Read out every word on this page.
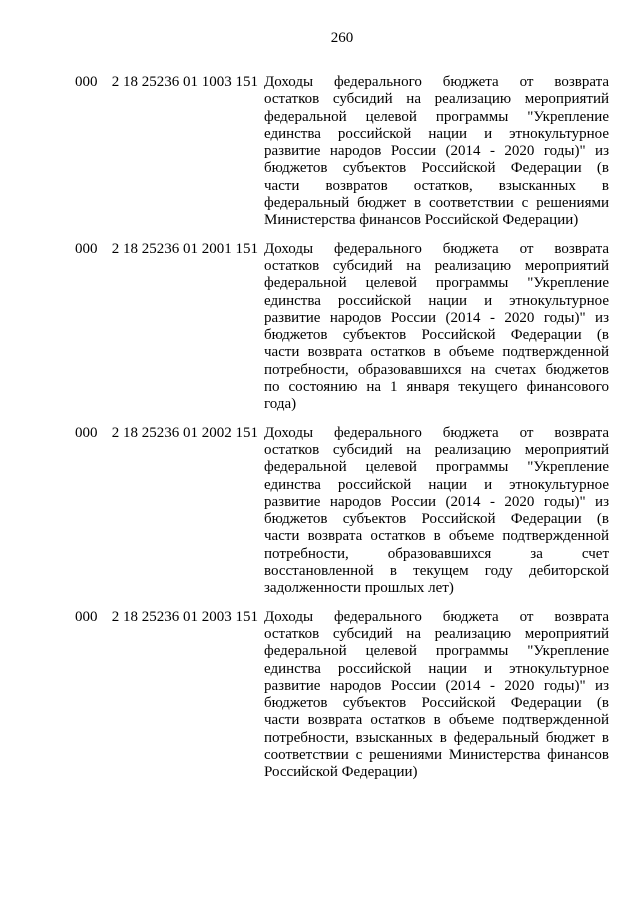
260
000 2 18 25236 01 1003 151 Доходы федерального бюджета от возврата
остатков субсидий на реализацию мероприятий
федеральной целевой программы "Укрепление
единства российской нации и этнокультурное
развитие народов России (2014 - 2020 годы)" из
бюджетов субъектов Российской Федерации (в
части возвратов остатков, взысканных в
федеральный бюджет в соответствии с решениями
Министерства финансов Российской Федерации)
000 2 18 25236 01 2001 151 Доходы федерального бюджета от возврата
остатков субсидий на реализацию мероприятий
федеральной целевой программы "Укрепление
единства российской нации и этнокультурное
развитие народов России (2014 - 2020 годы)" из
бюджетов субъектов Российской Федерации (в
части возврата остатков в объеме подтвержденной
потребности, образовавшихся на счетах бюджетов
по состоянию на 1 января текущего финансового
года)
000 2 18 25236 01 2002 151 Доходы федерального бюджета от возврата
остатков субсидий на реализацию мероприятий
федеральной целевой программы "Укрепление
единства российской нации и этнокультурное
развитие народов России (2014 - 2020 годы)" из
бюджетов субъектов Российской Федерации (в
части возврата остатков в объеме подтвержденной
потребности, образовавшихся за счет
восстановленной в текущем году дебиторской
задолженности прошлых лет)
000 2 18 25236 01 2003 151 Доходы федерального бюджета от возврата
остатков субсидий на реализацию мероприятий
федеральной целевой программы "Укрепление
единства российской нации и этнокультурное
развитие народов России (2014 - 2020 годы)" из
бюджетов субъектов Российской Федерации (в
части возврата остатков в объеме подтвержденной
потребности, взысканных в федеральный бюджет в
соответствии с решениями Министерства финансов
Российской Федерации)
